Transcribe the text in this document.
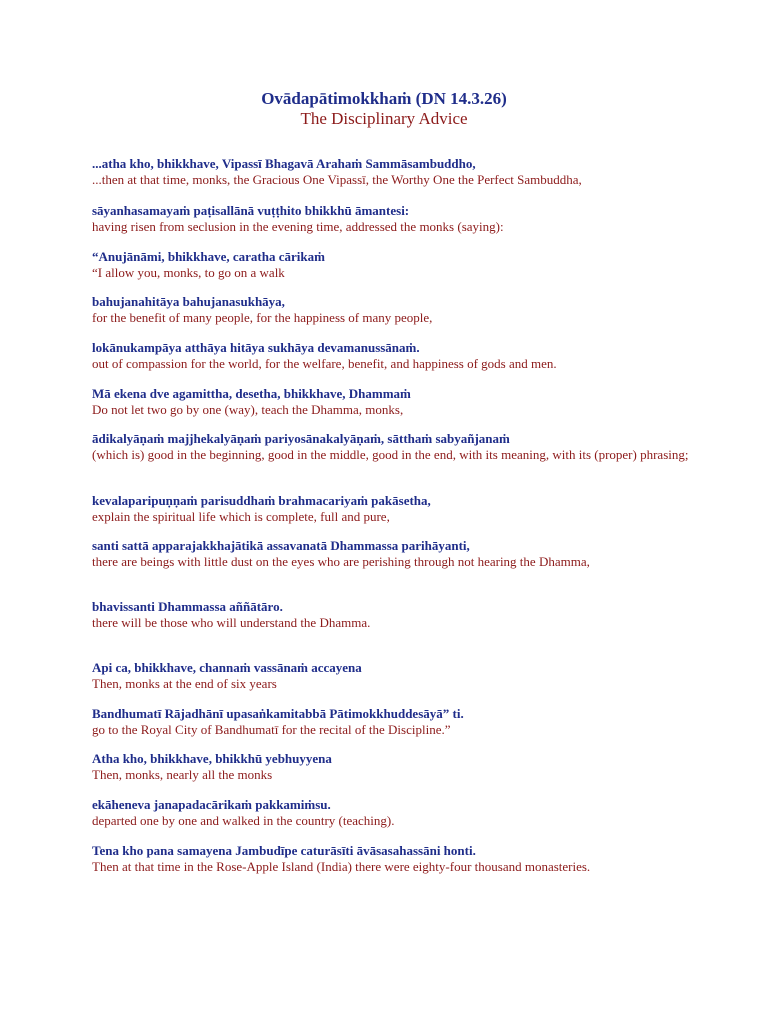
Ovādapātimokkhaṁ (DN 14.3.26)
The Disciplinary Advice
...atha kho, bhikkhave, Vipassī Bhagavā Arahaṁ Sammāsambuddho,
...then at that time, monks, the Gracious One Vipassī, the Worthy One the Perfect Sambuddha,
sāyanhasamayaṁ paṭisallānā vuṭṭhito bhikkhū āmantesi:
having risen from seclusion in the evening time, addressed the monks (saying):
“Anujānāmi, bhikkhave, caratha cārikaṁ
“I allow you, monks, to go on a walk
bahujanahitāya bahujanasukhāya,
for the benefit of many people, for the happiness of many people,
lokānukampāya atthāya hitāya sukhāya devamanussānaṁ.
out of compassion for the world, for the welfare, benefit, and happiness of gods and men.
Mā ekena dve agamittha, desetha, bhikkhave, Dhammaṁ
Do not let two go by one (way), teach the Dhamma, monks,
ādikalyāṇaṁ majjhekalyāṇaṁ pariyosānakalyāṇaṁ, sātthaṁ sabyañjanaṁ
(which is) good in the beginning, good in the middle, good in the end, with its meaning, with its (proper) phrasing;
kevalaparipuṇṇaṁ parisuddhaṁ brahmacariyaṁ pakāsetha,
explain the spiritual life which is complete, full and pure,
santi sattā apparajakkhajātikā assavanatā Dhammassa parihāyanti,
there are beings with little dust on the eyes who are perishing through not hearing the Dhamma,
bhavissanti Dhammassa aññātāro.
there will be those who will understand the Dhamma.
Api ca, bhikkhave, channaṁ vassānaṁ accayena
Then, monks at the end of six years
Bandhumatī Rājadhānī upasaṅkamitabbā Pātimokkhuddesāyā” ti.
go to the Royal City of Bandhumatī for the recital of the Discipline.”
Atha kho, bhikkhave, bhikkhū yebhuyyena
Then, monks, nearly all the monks
ekāheneva janapadacārikaṁ pakkamiṁsu.
departed one by one and walked in the country (teaching).
Tena kho pana samayena Jambudīpe caturāsīti āvāsasahassāni honti.
Then at that time in the Rose-Apple Island (India) there were eighty-four thousand monasteries.
